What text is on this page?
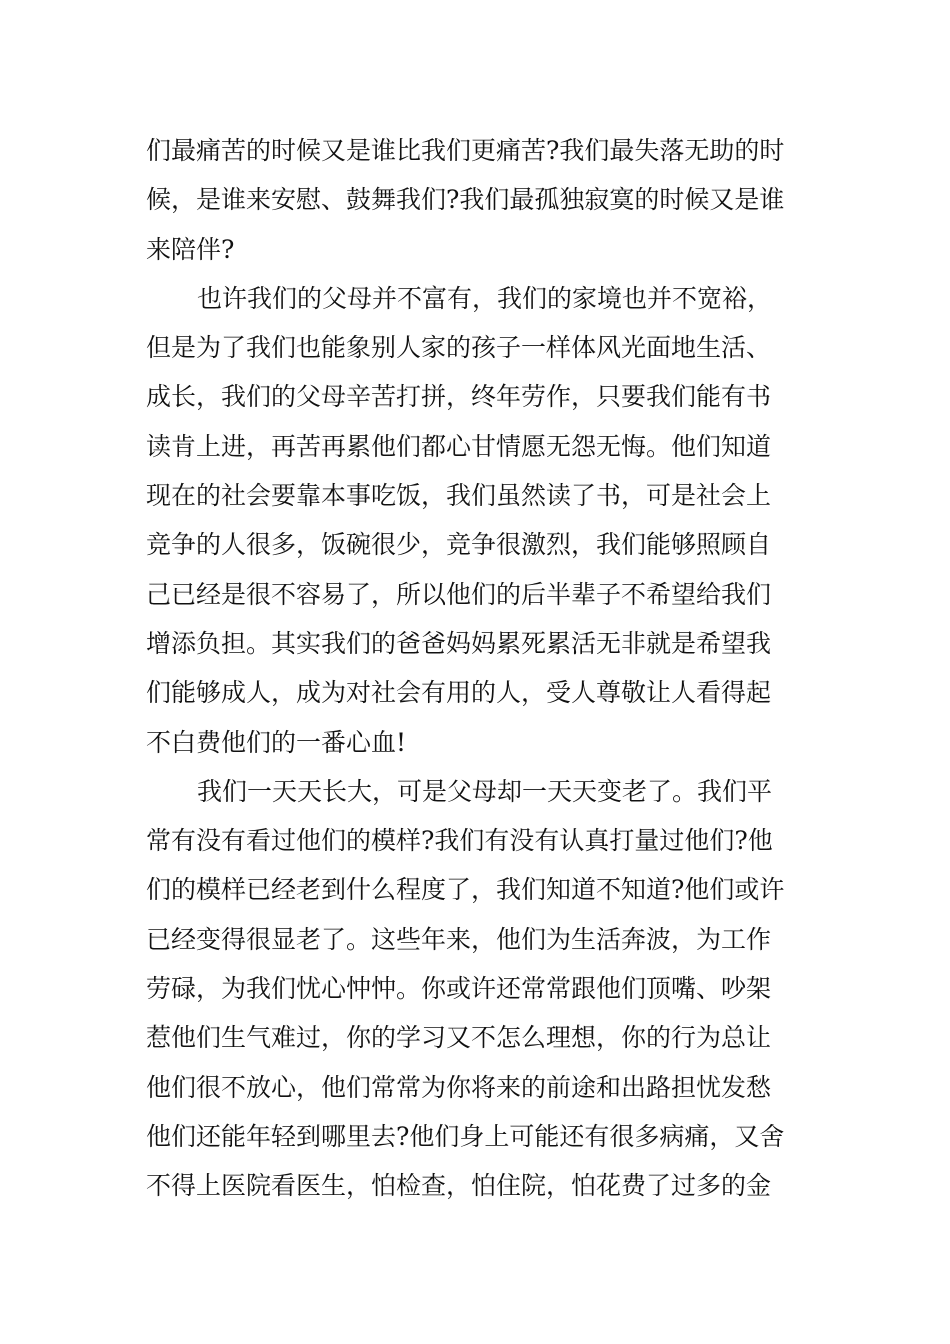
们最痛苦的时候又是谁比我们更痛苦?我们最失落无助的时
候，是谁来安慰、鼓舞我们?我们最孤独寂寞的时候又是谁
来陪伴?
也许我们的父母并不富有，我们的家境也并不宽裕，
但是为了我们也能象别人家的孩子一样体风光面地生活、
成长，我们的父母辛苦打拼，终年劳作，只要我们能有书
读肯上进，再苦再累他们都心甘情愿无怨无悔。他们知道
现在的社会要靠本事吃饭，我们虽然读了书，可是社会上
竞争的人很多，饭碗很少，竞争很激烈，我们能够照顾自
己已经是很不容易了，所以他们的后半辈子不希望给我们
增添负担。其实我们的爸爸妈妈累死累活无非就是希望我
们能够成人，成为对社会有用的人，受人尊敬让人看得起
不白费他们的一番心血!
我们一天天长大，可是父母却一天天变老了。我们平
常有没有看过他们的模样?我们有没有认真打量过他们?他
们的模样已经老到什么程度了，我们知道不知道?他们或许
已经变得很显老了。这些年来，他们为生活奔波，为工作
劳碌，为我们忧心忡忡。你或许还常常跟他们顶嘴、吵架
惹他们生气难过，你的学习又不怎么理想，你的行为总让
他们很不放心，他们常常为你将来的前途和出路担忧发愁
他们还能年轻到哪里去?他们身上可能还有很多病痛，又舍
不得上医院看医生，怕检查，怕住院，怕花费了过多的金
